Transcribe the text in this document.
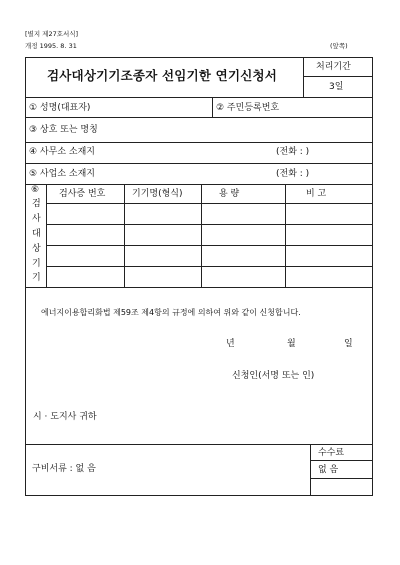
[별지 제27호서식]
개정 1995. 8. 31	(앞쪽)
검사대상기기조종자 선임기한 연기신청서
처리기간
3일
① 성명(대표자)	② 주민등록번호
③ 상호 또는 명칭
④ 사무소 소재지	(전화 : )
⑤ 사업소 소재지	(전화 : )
⑥
검
사
대
상
기
기
검사증 번호	기기명(형식)	용 량	비 고
에너지이용합리화법 제59조 제4항의 규정에 의하여 위와 같이 신청합니다.
년	월	일
신청인(서명 또는 인)
시 · 도지사 귀하
구비서류 : 없 음
수수료
없 음
